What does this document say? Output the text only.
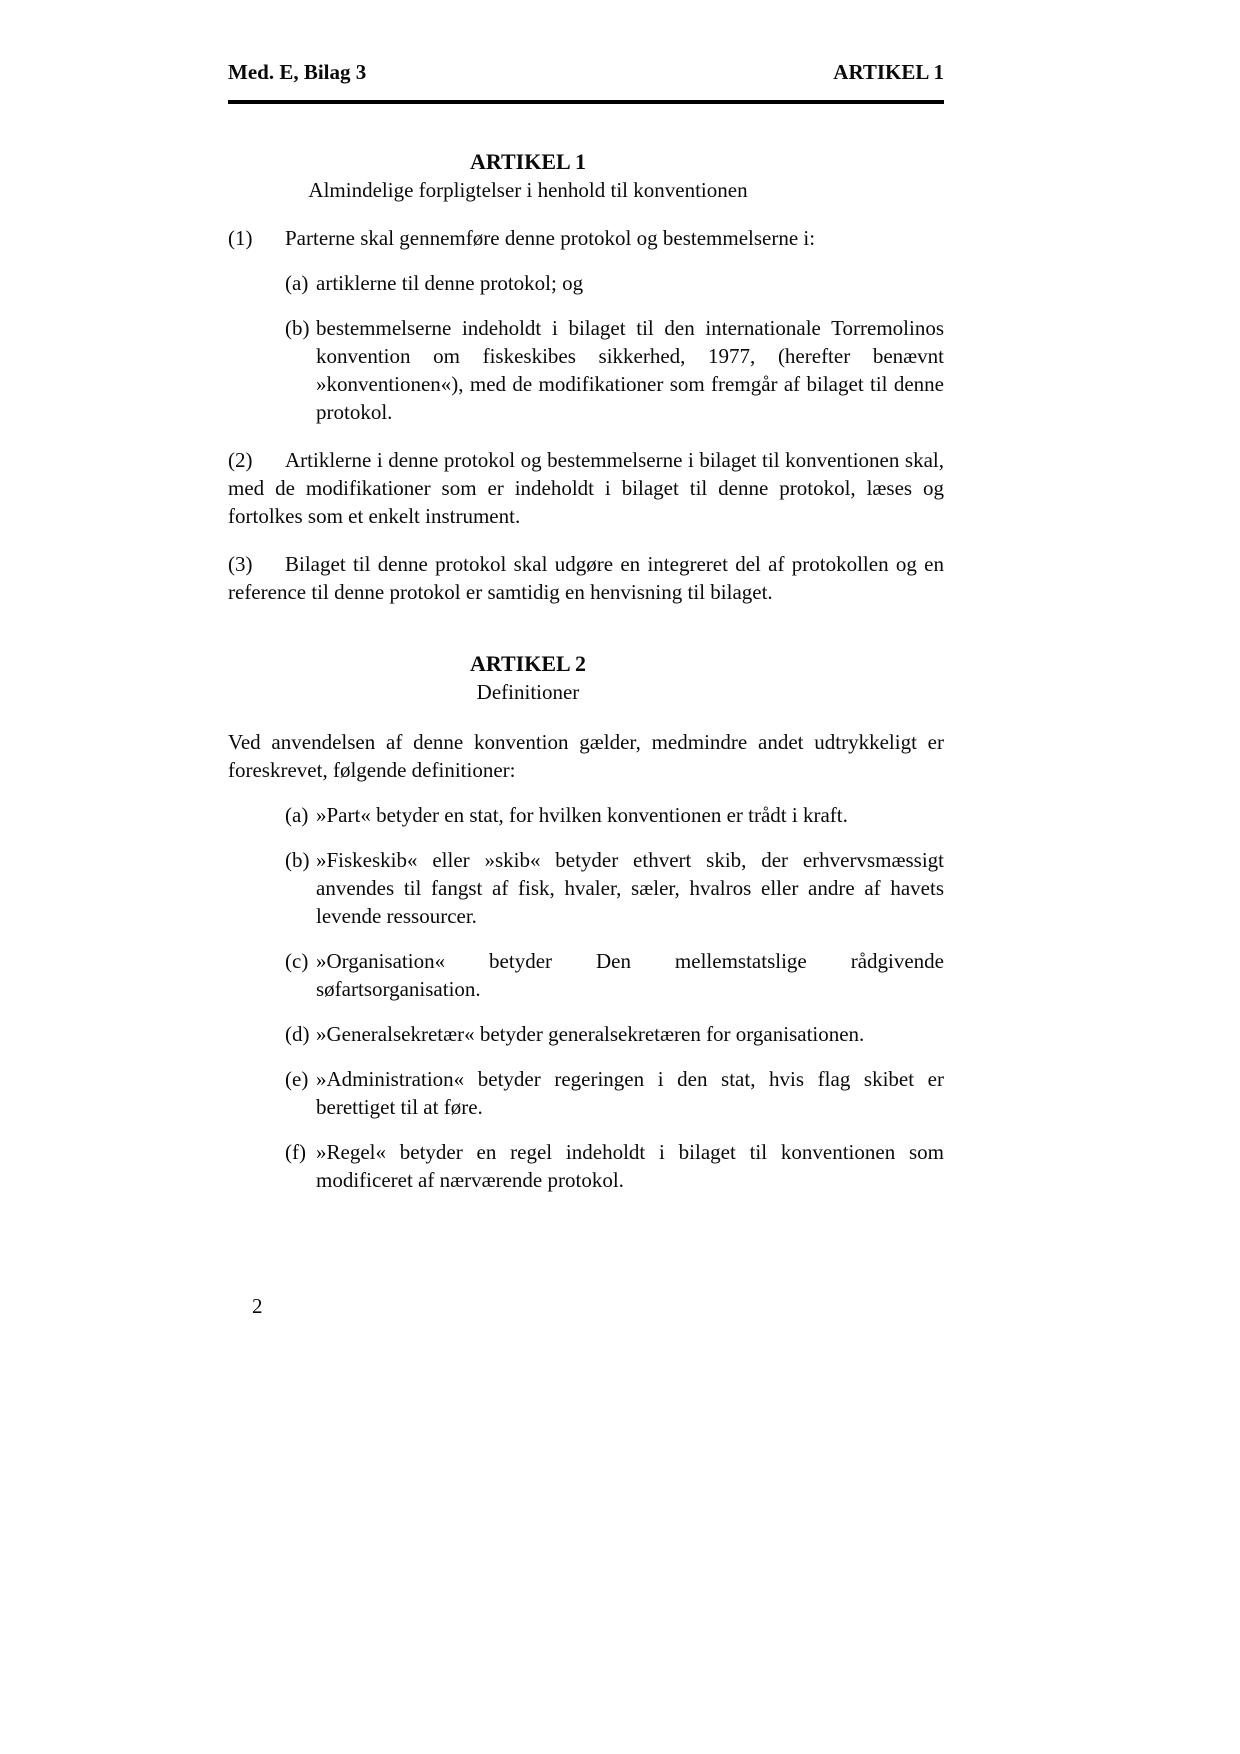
Med. E, Bilag 3	ARTIKEL 1
ARTIKEL 1
Almindelige forpligtelser i henhold til konventionen

(1) Parterne skal gennemføre denne protokol og bestemmelserne i:

(a) artiklerne til denne protokol; og

(b) bestemmelserne indeholdt i bilaget til den internationale Torremolinos konvention om fiskeskibes sikkerhed, 1977, (herefter benævnt »konventionen«), med de modifikationer som fremgår af bilaget til denne protokol.

(2) Artiklerne i denne protokol og bestemmelserne i bilaget til konventionen skal, med de modifikationer som er indeholdt i bilaget til denne protokol, læses og fortolkes som et enkelt instrument.

(3) Bilaget til denne protokol skal udgøre en integreret del af protokollen og en reference til denne protokol er samtidig en henvisning til bilaget.

ARTIKEL 2
Definitioner

Ved anvendelsen af denne konvention gælder, medmindre andet udtrykkeligt er foreskrevet, følgende definitioner:

(a) »Part« betyder en stat, for hvilken konventionen er trådt i kraft.

(b) »Fiskeskib« eller »skib« betyder ethvert skib, der erhvervsmæssigt anvendes til fangst af fisk, hvaler, sæler, hvalros eller andre af havets levende ressourcer.

(c) »Organisation« betyder Den mellemstatslige rådgivende søfartsorganisation.

(d) »Generalsekretær« betyder generalsekretæren for organisationen.

(e) »Administration« betyder regeringen i den stat, hvis flag skibet er berettiget til at føre.

(f) »Regel« betyder en regel indeholdt i bilaget til konventionen som modificeret af nærværende protokol.

2
